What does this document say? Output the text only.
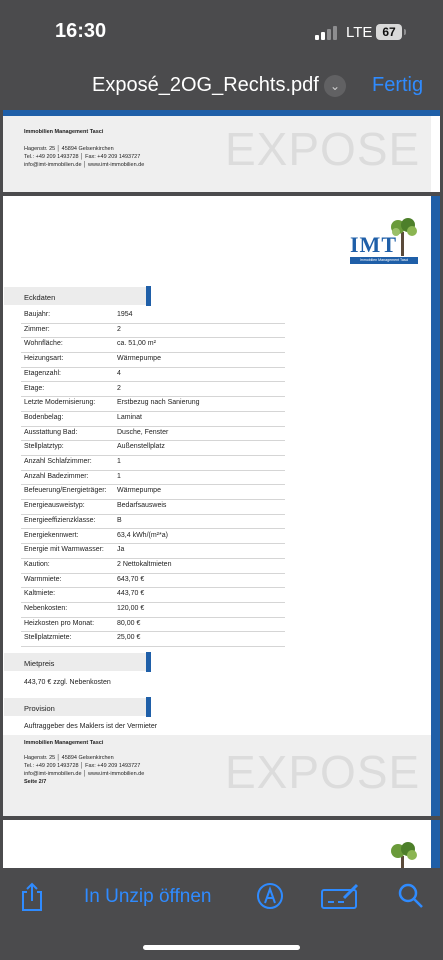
16:30	LTE 67
Exposé_2OG_Rechts.pdf ⌄ Fertig
Immobilien Management Tasci
Hagenstr. 25 │ 45894 Gelsenkirchen
Tel.: +49 209 1493728 │ Fax: +49 209 1493727
info@imt-immobilien.de │ www.imt-immobilien.de EXPOSE
IMT
Immobilien Management Tasci
Eckdaten
Baujahr:	1954
Zimmer:	2
Wohnfläche:	ca. 51,00 m²
Heizungsart:	Wärmepumpe
Etagenzahl:	4
Etage:	2
Letzte Modernisierung:	Erstbezug nach Sanierung
Bodenbelag:	Laminat
Ausstattung Bad:	Dusche, Fenster
Stellplatztyp:	Außenstellplatz
Anzahl Schlafzimmer:	1
Anzahl Badezimmer:	1
Befeuerung/Energieträger: Wärmepumpe
Energieausweistyp:	Bedarfsausweis
Energieeffizienzklasse:	B
Energiekennwert:	63,4 kWh/(m²*a)
Energie mit Warmwasser: Ja
Kaution:	2 Nettokaltmieten
Warmmiete:	643,70 €
Kaltmiete:	443,70 €
Nebenkosten:	120,00 €
Heizkosten pro Monat:	80,00 €
Stellplatzmiete:	25,00 €
Mietpreis
443,70 € zzgl. Nebenkosten
Provision
Auftraggeber des Maklers ist der Vermieter
Immobilien Management Tasci
Hagenstr. 25 │ 45894 Gelsenkirchen
Tel.: +49 209 1493728 │ Fax: +49 209 1493727
info@imt-immobilien.de │ www.imt-immobilien.de
Seite 2/7	EXPOSE
In Unzip öffnen
